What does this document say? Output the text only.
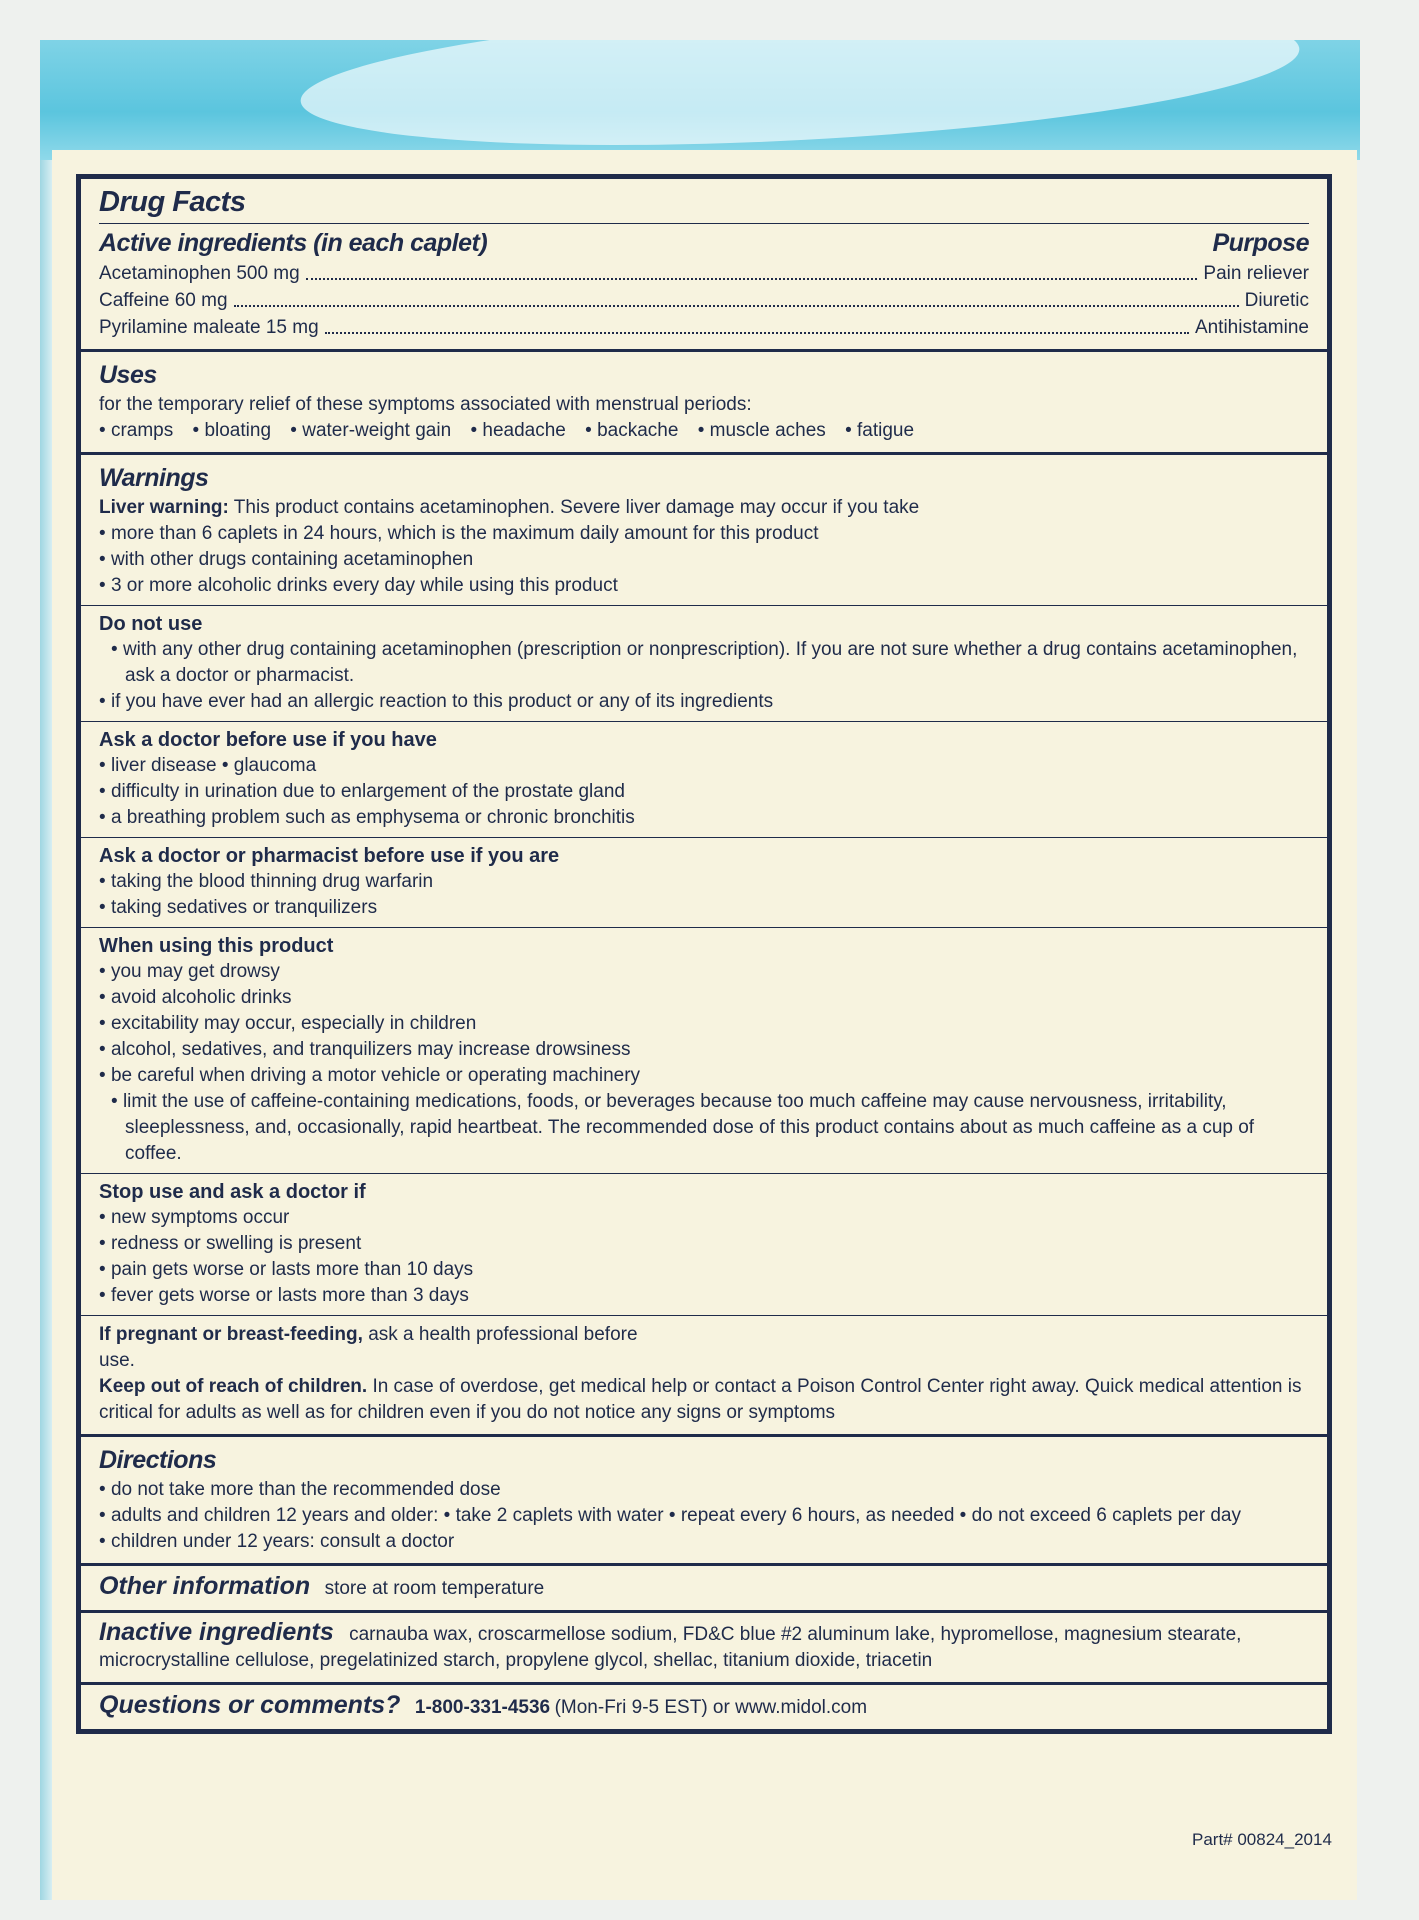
Drug Facts
Active ingredients (in each caplet)	Purpose
Acetaminophen 500 mg	Pain reliever
Caffeine 60 mg	Diuretic
Pyrilamine maleate 15 mg	Antihistamine
Uses
for the temporary relief of these symptoms associated with menstrual periods:
• cramps • bloating • water-weight gain • headache • backache • muscle aches • fatigue
Warnings
Liver warning: This product contains acetaminophen. Severe liver damage may occur if you take
• more than 6 caplets in 24 hours, which is the maximum daily amount for this product
• with other drugs containing acetaminophen
• 3 or more alcoholic drinks every day while using this product
Do not use
• with any other drug containing acetaminophen (prescription or nonprescription). If you are not sure whether a drug contains acetaminophen, ask a doctor or pharmacist.
• if you have ever had an allergic reaction to this product or any of its ingredients
Ask a doctor before use if you have
• liver disease • glaucoma
• difficulty in urination due to enlargement of the prostate gland
• a breathing problem such as emphysema or chronic bronchitis
Ask a doctor or pharmacist before use if you are
• taking the blood thinning drug warfarin
• taking sedatives or tranquilizers
When using this product
• you may get drowsy
• avoid alcoholic drinks
• excitability may occur, especially in children
• alcohol, sedatives, and tranquilizers may increase drowsiness
• be careful when driving a motor vehicle or operating machinery
• limit the use of caffeine-containing medications, foods, or beverages because too much caffeine may cause nervousness, irritability, sleeplessness, and, occasionally, rapid heartbeat. The recommended dose of this product contains about as much caffeine as a cup of coffee.
Stop use and ask a doctor if
• new symptoms occur
• redness or swelling is present
• pain gets worse or lasts more than 10 days
• fever gets worse or lasts more than 3 days
If pregnant or breast-feeding, ask a health professional before use.
Keep out of reach of children. In case of overdose, get medical help or contact a Poison Control Center right away. Quick medical attention is critical for adults as well as for children even if you do not notice any signs or symptoms
Directions
• do not take more than the recommended dose
• adults and children 12 years and older: • take 2 caplets with water • repeat every 6 hours, as needed • do not exceed 6 caplets per day
• children under 12 years: consult a doctor
Other information store at room temperature
Inactive ingredients carnauba wax, croscarmellose sodium, FD&C blue #2 aluminum lake, hypromellose, magnesium stearate, microcrystalline cellulose, pregelatinized starch, propylene glycol, shellac, titanium dioxide, triacetin
Questions or comments? 1-800-331-4536 (Mon-Fri 9-5 EST) or www.midol.com
Part# 00824_2014
